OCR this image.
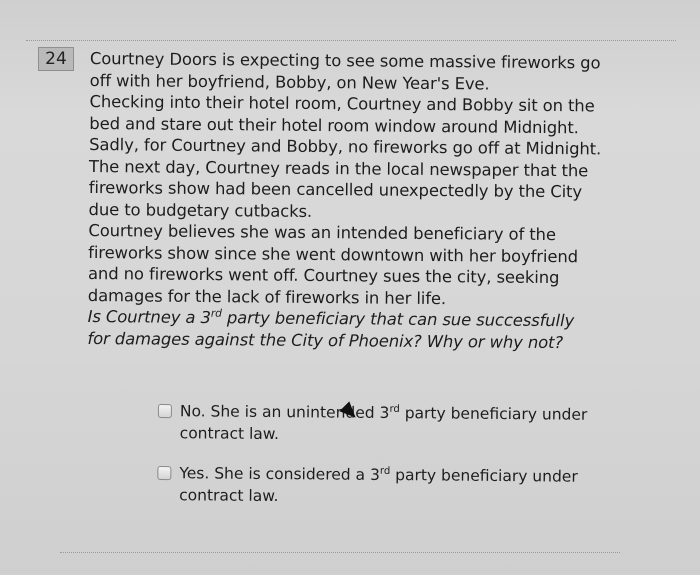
24	Courtney Doors is expecting to see some massive fireworks go

off with her boyfriend, Bobby, on New Year's Eve.

Checking into their hotel room, Courtney and Bobby sit on the

bed and stare out their hotel room window around Midnight.

Sadly, for Courtney and Bobby, no fireworks go off at Midnight.

The next day, Courtney reads in the local newspaper that the

fireworks show had been cancelled unexpectedly by the City

due to budgetary cutbacks.

Courtney believes she was an intended beneficiary of the

fireworks show since she went downtown with her boyfriend

and no fireworks went off. Courtney sues the city, seeking

damages for the lack of fireworks in her life.

Is Courtney a 3rd party beneficiary that can sue successfully

for damages against the City of Phoenix? Why or why not?

No. She is an unintended 3rd party beneficiary under
contract law.
Yes. She is considered a 3rd party beneficiary under
contract law.
